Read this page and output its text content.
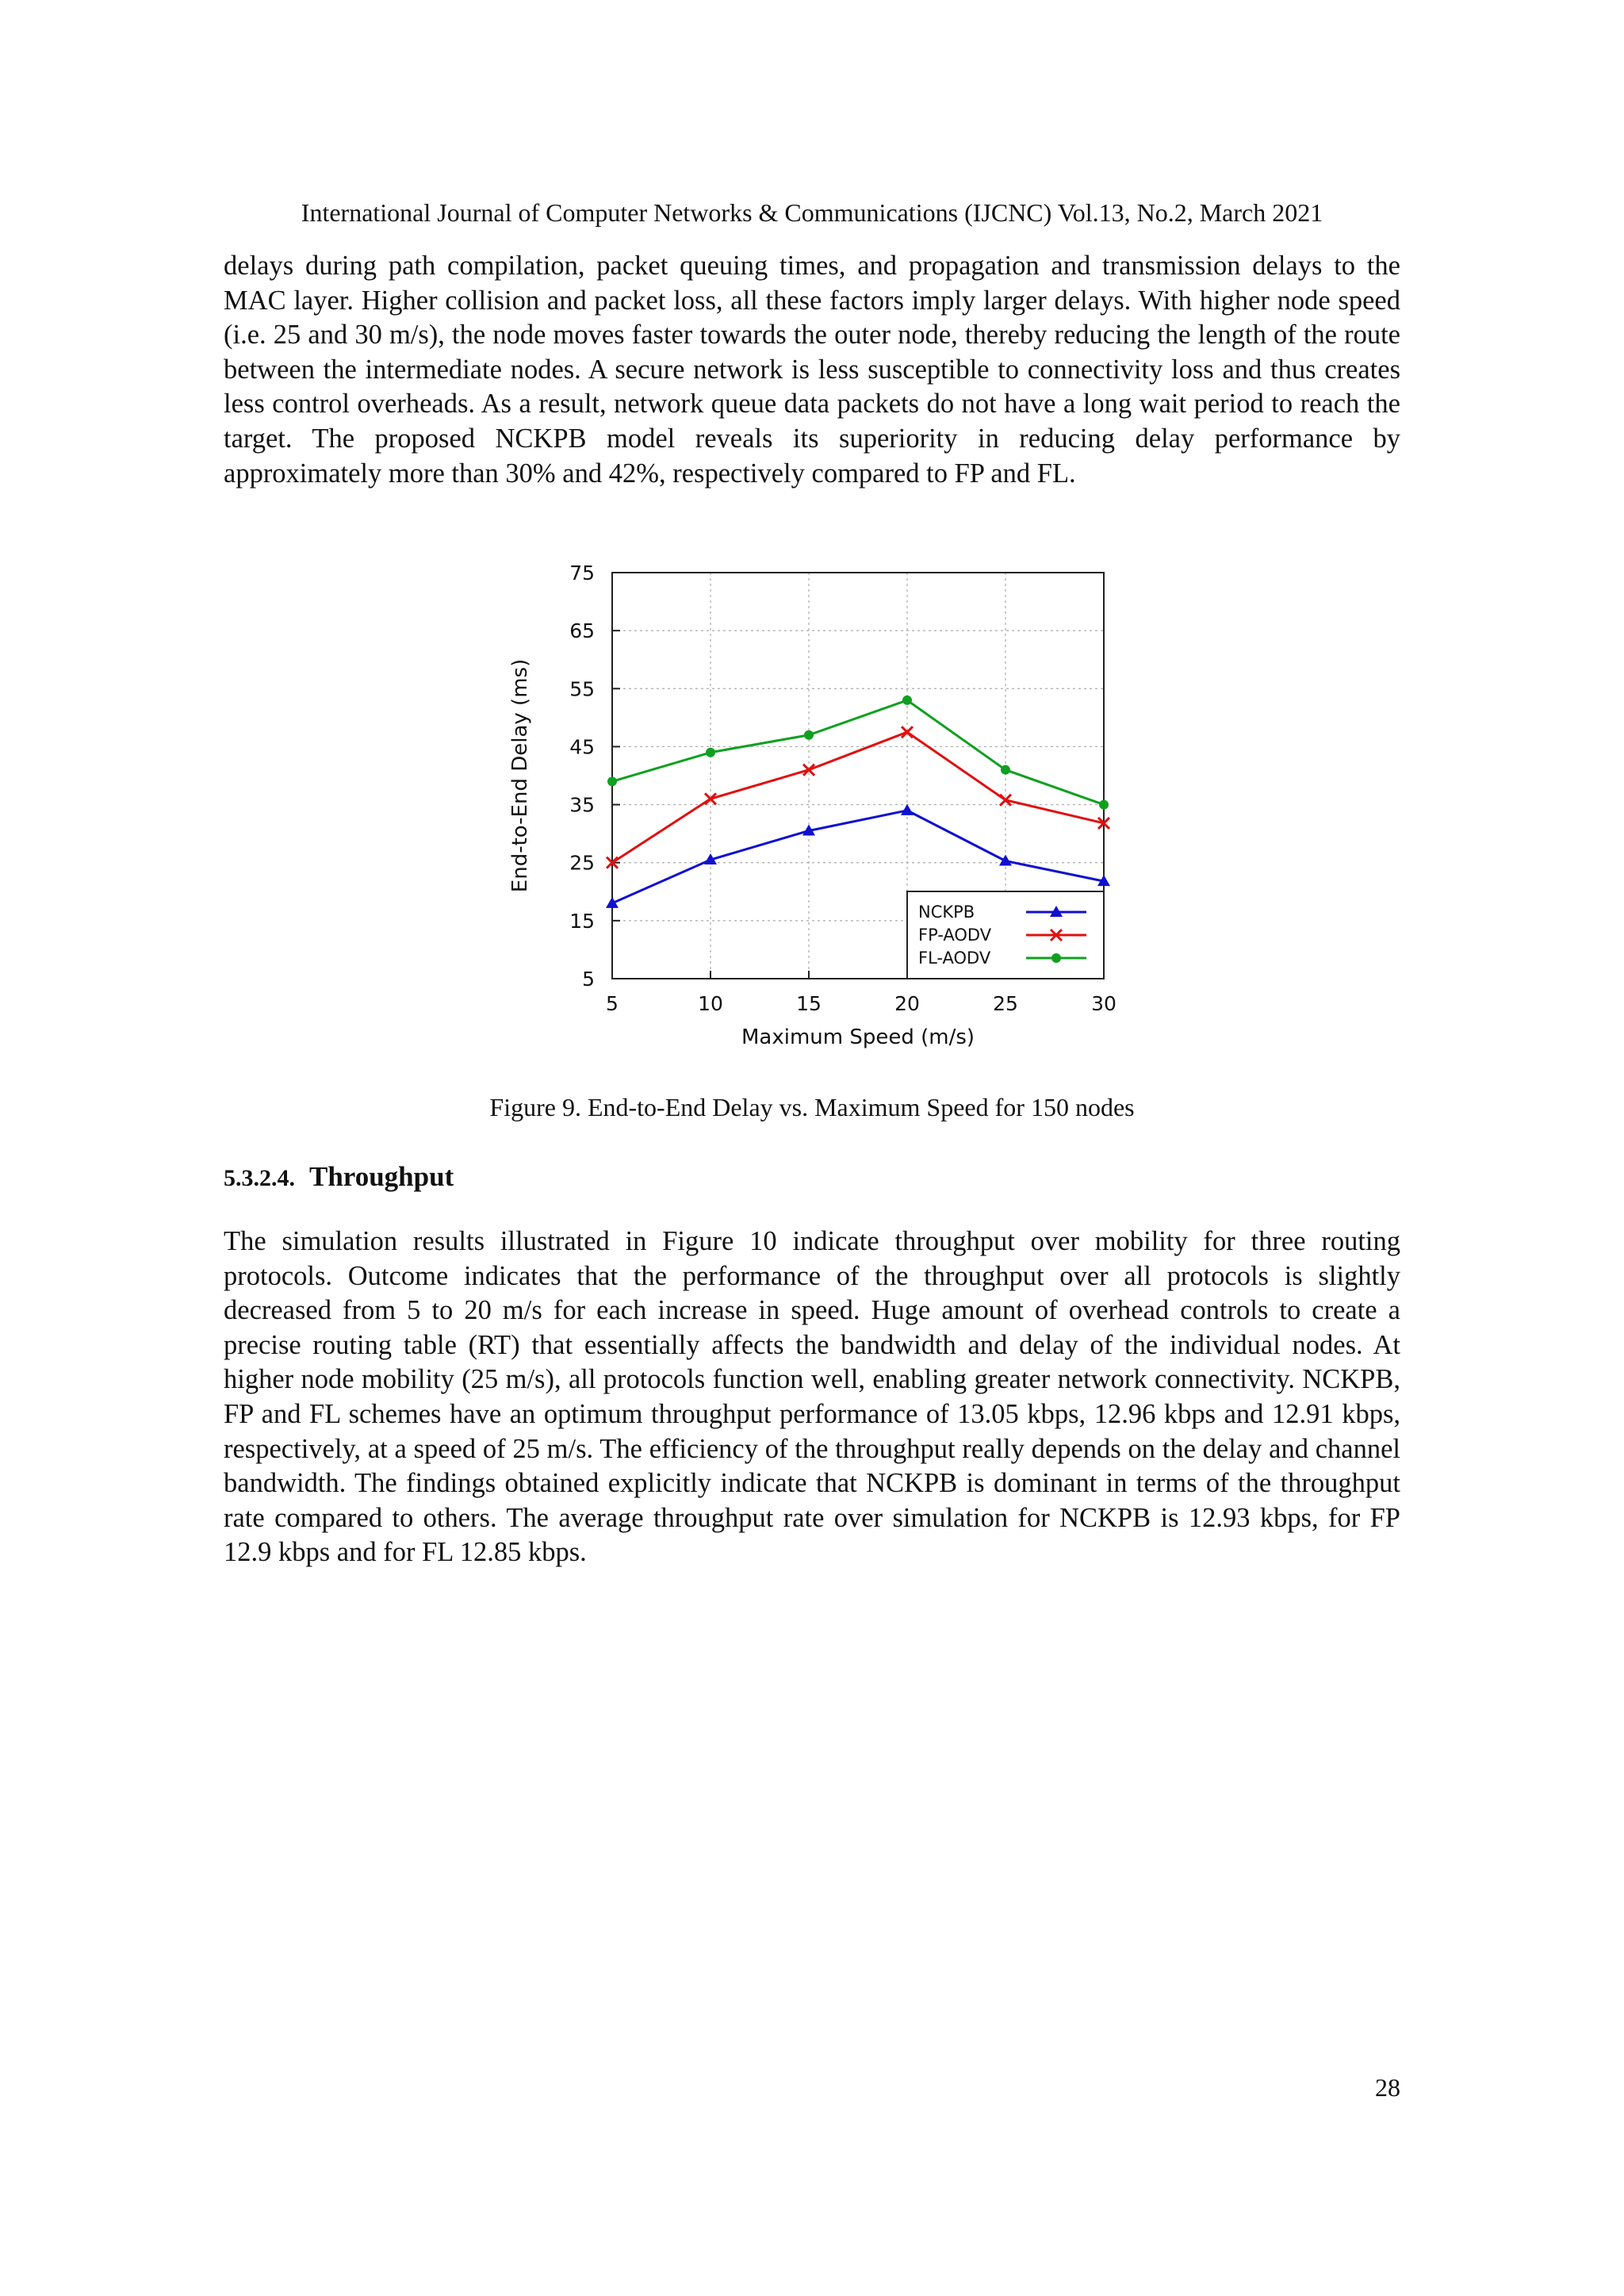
International Journal of Computer Networks & Communications (IJCNC) Vol.13, No.2, March 2021

delays during path compilation, packet queuing times, and propagation and transmission delays to the MAC layer. Higher collision and packet loss, all these factors imply larger delays. With higher node speed (i.e. 25 and 30 m/s), the node moves faster towards the outer node, thereby reducing the length of the route between the intermediate nodes. A secure network is less susceptible to connectivity loss and thus creates less control overheads. As a result, network queue data packets do not have a long wait period to reach the target. The proposed NCKPB model reveals its superiority in reducing delay performance by approximately more than 30% and 42%, respectively compared to FP and FL.

5
15
25
35
45
55
65
75
5	10	15	20	25	30
End-to-End Delay (ms)
Maximum Speed (m/s)
NCKPB
FP-AODV
FL-AODV
Figure 9. End-to-End Delay vs. Maximum Speed for 150 nodes
5.3.2.4. Throughput

The simulation results illustrated in Figure 10 indicate throughput over mobility for three routing protocols. Outcome indicates that the performance of the throughput over all protocols is slightly decreased from 5 to 20 m/s for each increase in speed. Huge amount of overhead controls to create a precise routing table (RT) that essentially affects the bandwidth and delay of the individual nodes. At higher node mobility (25 m/s), all protocols function well, enabling greater network connectivity. NCKPB, FP and FL schemes have an optimum throughput performance of 13.05 kbps, 12.96 kbps and 12.91 kbps, respectively, at a speed of 25 m/s. The efficiency of the throughput really depends on the delay and channel bandwidth. The findings obtained explicitly indicate that NCKPB is dominant in terms of the throughput rate compared to others. The average throughput rate over simulation for NCKPB is 12.93 kbps, for FP 12.9 kbps and for FL 12.85 kbps.

28
